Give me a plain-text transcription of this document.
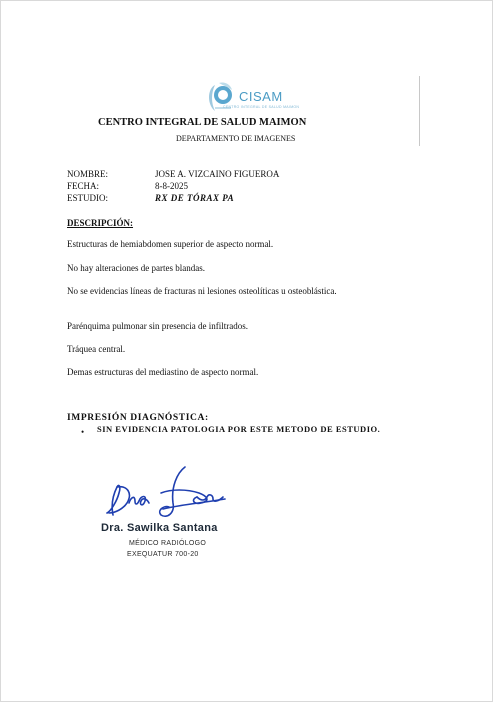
CISAM
CENTRO INTEGRAL DE SALUD MAIMON
CENTRO INTEGRAL DE SALUD MAIMON
DEPARTAMENTO DE IMAGENES
NOMBRE:	JOSE A. VIZCAINO FIGUEROA
FECHA:	8-8-2025
ESTUDIO:	RX DE TÓRAX PA
DESCRIPCIÓN:
Estructuras de hemiabdomen superior de aspecto normal.
No hay alteraciones de partes blandas.
No se evidencias líneas de fracturas ni lesiones osteolíticas u osteoblástica.
Parénquima pulmonar sin presencia de infiltrados.
Tráquea central.
Demas estructuras del mediastino de aspecto normal.
IMPRESIÓN DIAGNÓSTICA:
• SIN EVIDENCIA PATOLOGIA POR ESTE METODO DE ESTUDIO.
Dra. Sawilka Santana
MÉDICO RADIÓLOGO
EXEQUATUR 700-20
